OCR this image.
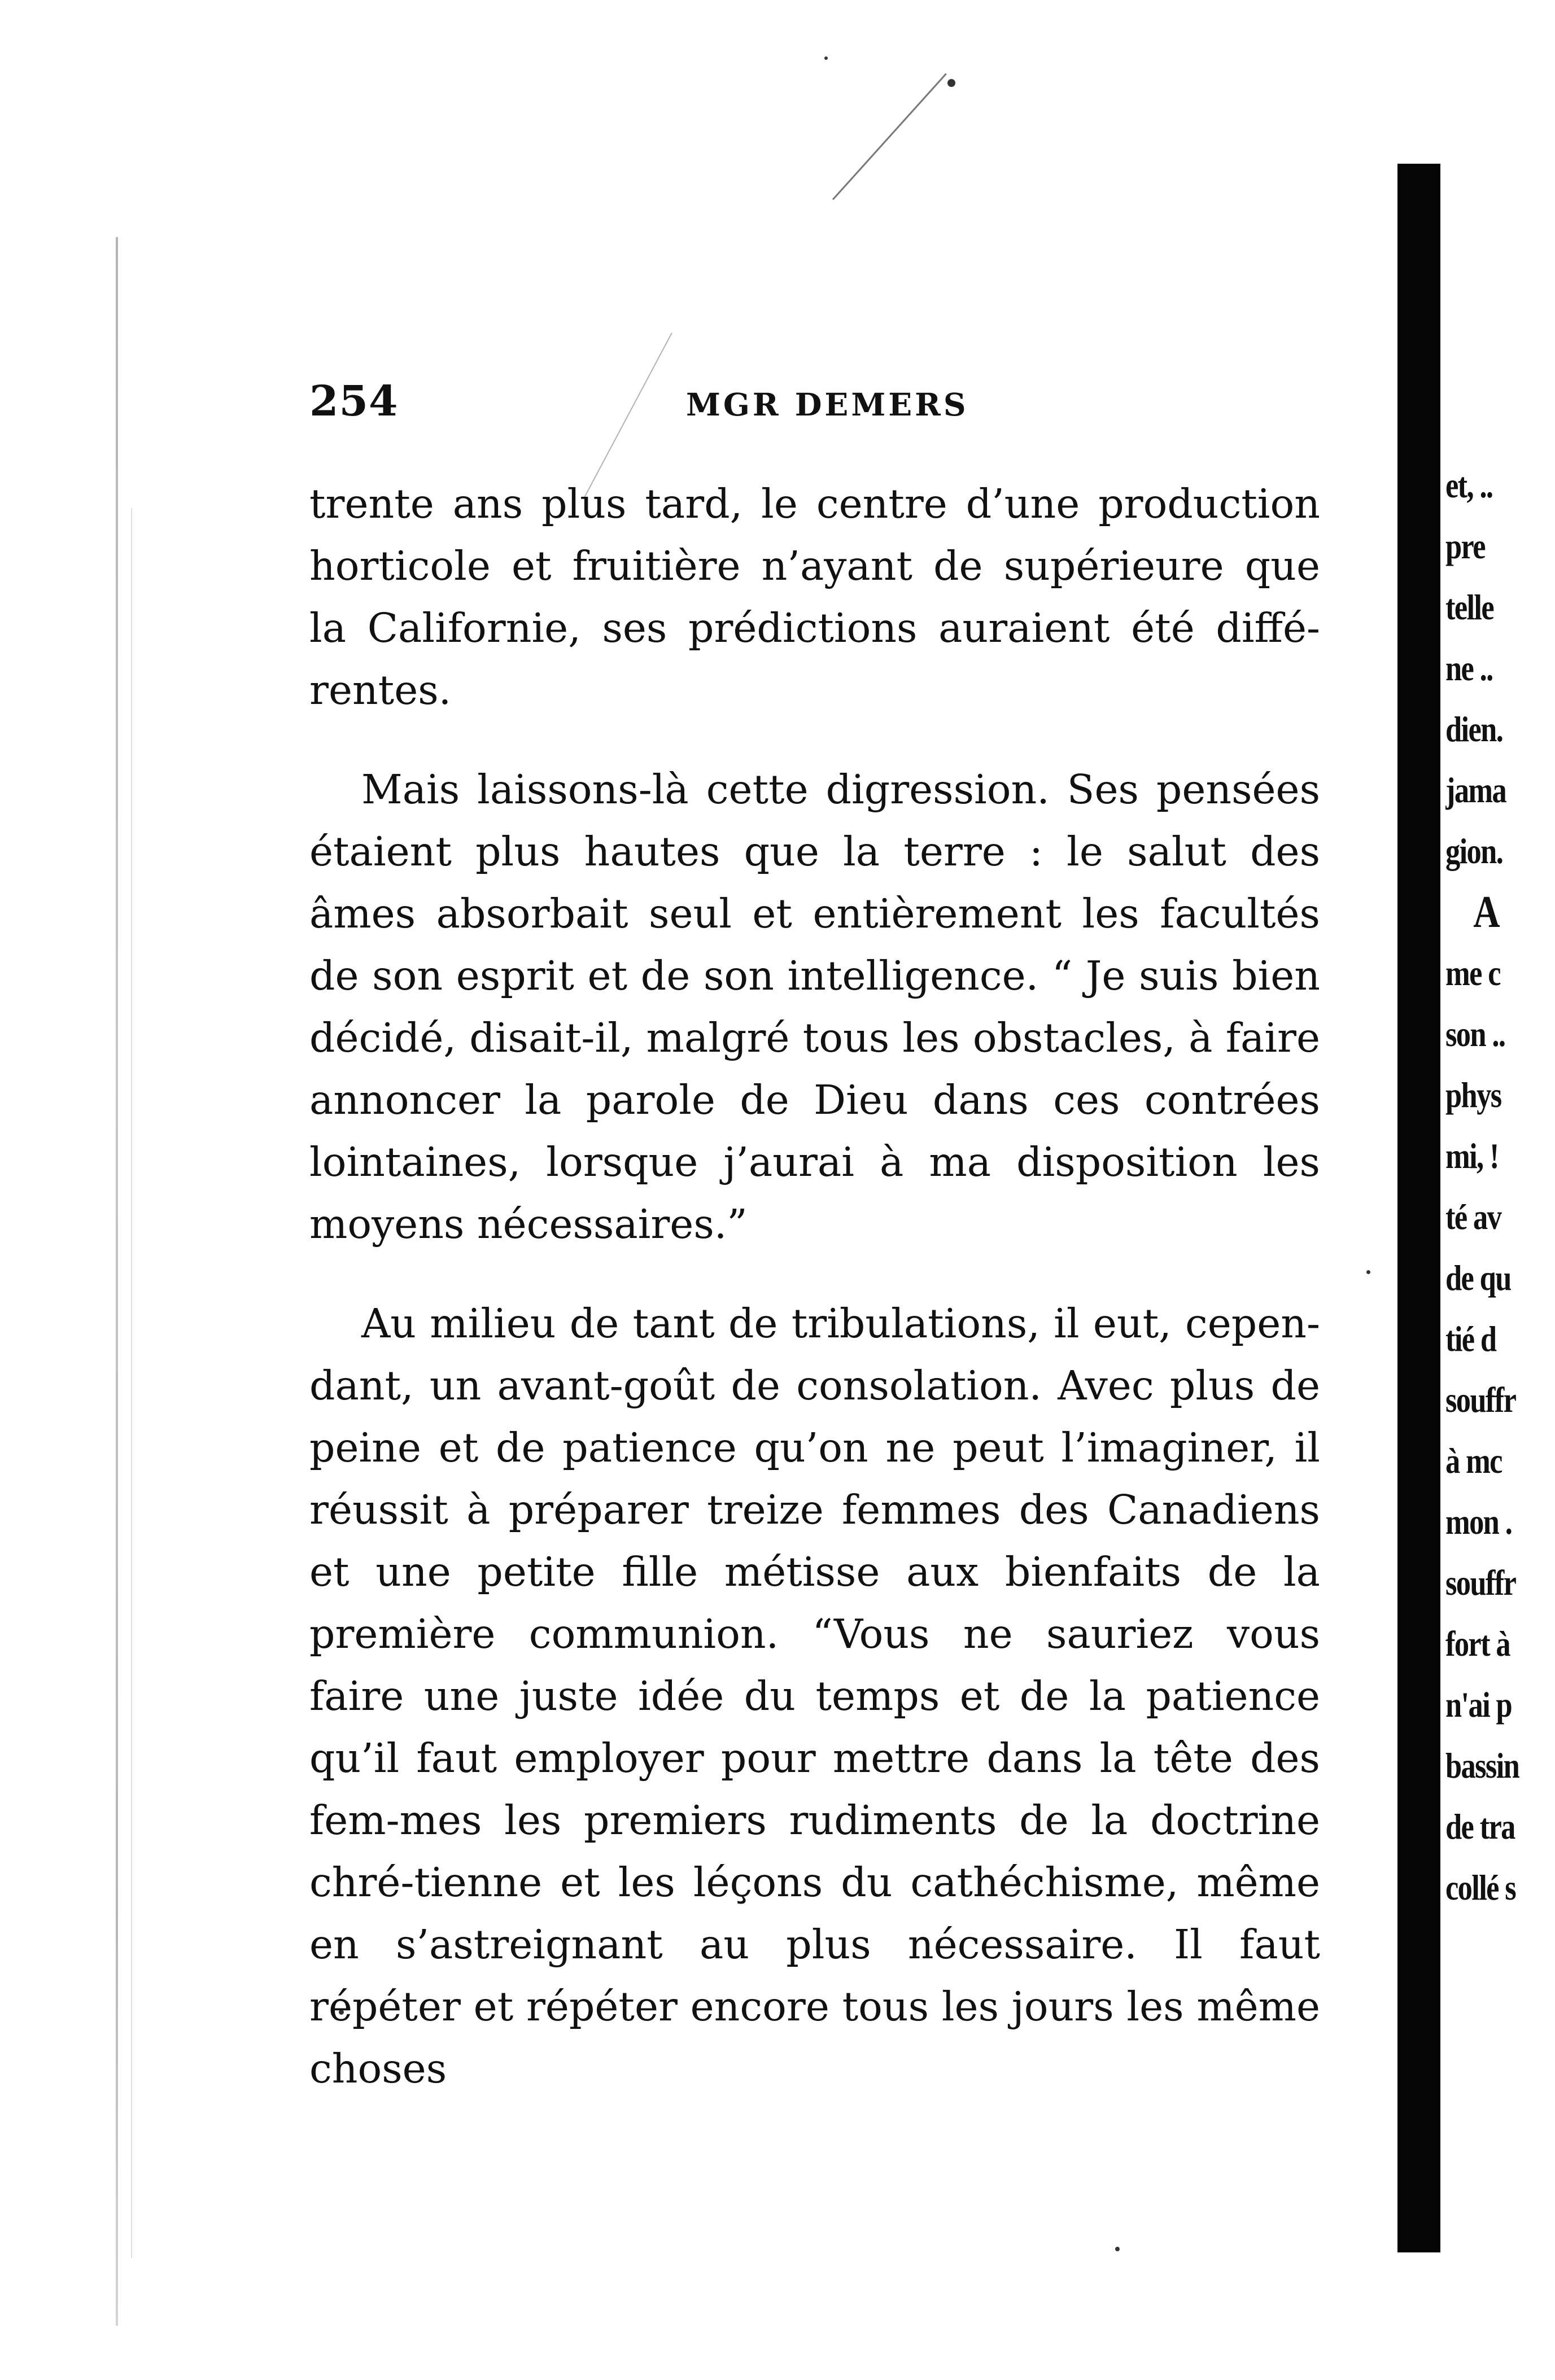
254	MGR DEMERS

trente ans plus tard, le centre d’une production horticole et fruitière n’ayant de supérieure que la Californie, ses prédictions auraient été diffé-rentes.

Mais laissons-là cette digression. Ses pensées étaient plus hautes que la terre : le salut des âmes absorbait seul et entièrement les facultés de son esprit et de son intelligence. “ Je suis bien décidé, disait-il, malgré tous les obstacles, à faire annoncer la parole de Dieu dans ces contrées lointaines, lorsque j’aurai à ma disposition les moyens nécessaires.”

Au milieu de tant de tribulations, il eut, cepen-dant, un avant-goût de consolation. Avec plus de peine et de patience qu’on ne peut l’imaginer, il réussit à préparer treize femmes des Canadiens et une petite fille métisse aux bienfaits de la première communion. “Vous ne sauriez vous faire une juste idée du temps et de la patience qu’il faut employer pour mettre dans la tête des fem-mes les premiers rudiments de la doctrine chré-tienne et les léçons du cathéchisme, même en s’astreignant au plus nécessaire. Il faut répéter et répéter encore tous les jours les même choses

et, ..
pre
telle
ne ..
dien.
jama
gion.
A
me c
son ..
phys
mi, !
té av
de qu
tié d
souffr
à mc
mon .
souffr
fort à
n'ai p
bassin
de tra
collé s
